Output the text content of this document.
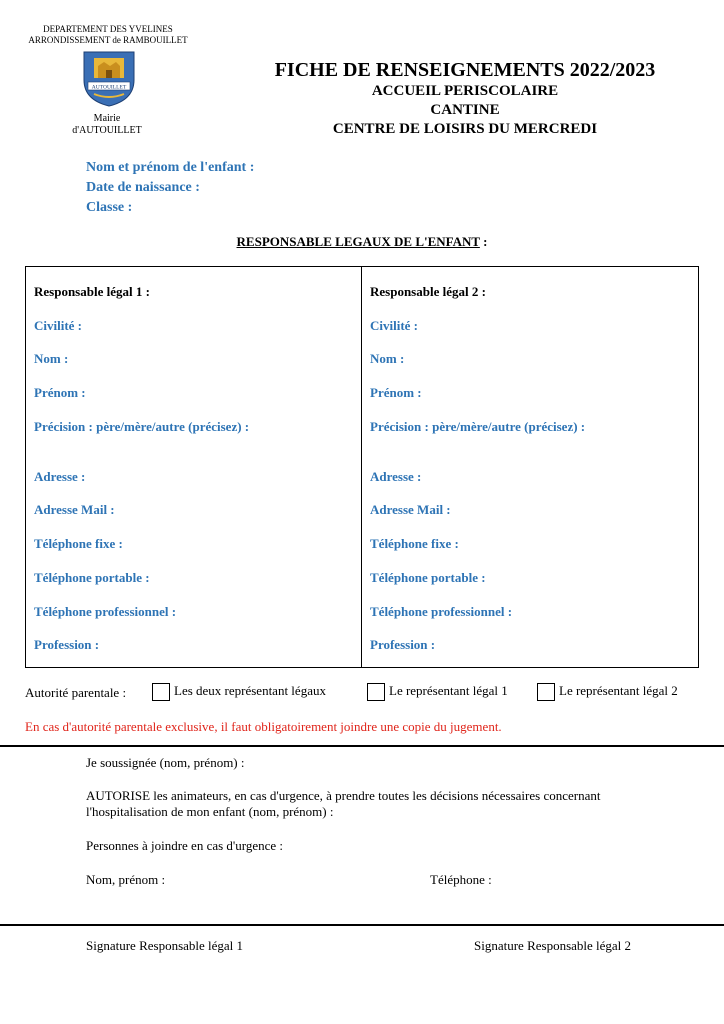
DEPARTEMENT DES YVELINES
ARRONDISSEMENT de RAMBOUILLET
AUTOUILLET
Mairie
d'AUTOUILLET
FICHE DE RENSEIGNEMENTS 2022/2023
ACCUEIL PERISCOLAIRE
CANTINE
CENTRE DE LOISIRS DU MERCREDI
Nom et prénom de l'enfant :
Date de naissance :
Classe :
RESPONSABLE LEGAUX DE L'ENFANT :
Responsable légal 1 :
Civilité :
Nom :
Prénom :
Précision : père/mère/autre (précisez) :
Adresse :
Adresse Mail :
Téléphone fixe :
Téléphone portable :
Téléphone professionnel :
Profession :
Responsable légal 2 :
Civilité :
Nom :
Prénom :
Précision : père/mère/autre (précisez) :
Adresse :
Adresse Mail :
Téléphone fixe :
Téléphone portable :
Téléphone professionnel :
Profession :
Autorité parentale :	Les deux représentant légaux	Le représentant légal 1	Le représentant légal 2
En cas d'autorité parentale exclusive, il faut obligatoirement joindre une copie du jugement.
Je soussignée (nom, prénom) :
AUTORISE les animateurs, en cas d'urgence, à prendre toutes les décisions nécessaires concernant
l'hospitalisation de mon enfant (nom, prénom) :
Personnes à joindre en cas d'urgence :
Nom, prénom :	Téléphone :
Signature Responsable légal 1	Signature Responsable légal 2
